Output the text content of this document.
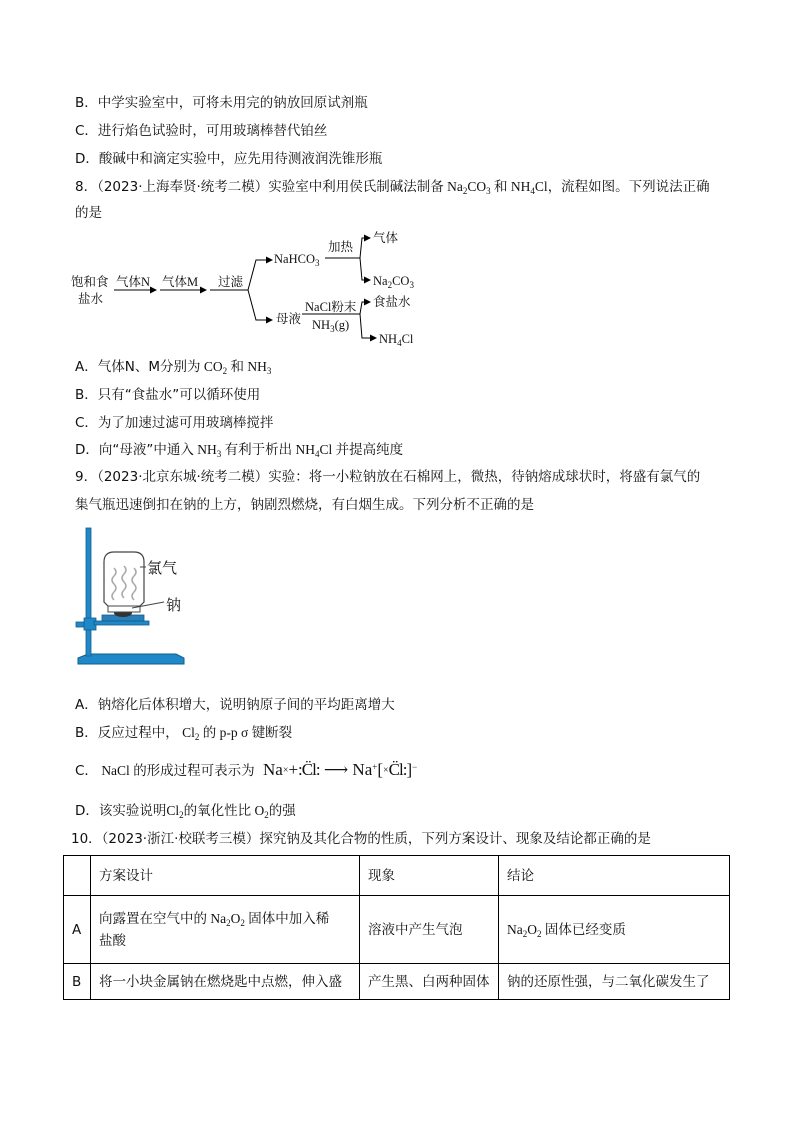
B．中学实验室中，可将未用完的钠放回原试剂瓶
C．进行焰色试验时，可用玻璃棒替代铂丝
D．酸碱中和滴定实验中，应先用待测液润洗锥形瓶
8．（2023·上海奉贤·统考二模）实验室中利用侯氏制碱法制备 $Na_2CO_3$ 和 $NH_4Cl$，流程如图。下列说法正确
的是
饱和食
盐水
气体N 气体M 过滤
NaHCO$_3$
加热
气体
$Na_2CO_3$
母液
NaCl粉末
$NH_3(g)$
食盐水
$NH_4Cl$
A．气体N、M分别为 $CO_2$ 和 $NH_3$
B．只有“食盐水”可以循环使用
C．为了加速过滤可用玻璃棒搅拌
D．向“母液”中通入 $NH_3$ 有利于析出 $NH_4Cl$ 并提高纯度
9．（2023·北京东城·统考二模）实验：将一小粒钠放在石棉网上，微热，待钠熔成球状时，将盛有氯气的
集气瓶迅速倒扣在钠的上方，钠剧烈燃烧，有白烟生成。下列分析不正确的是
氯气
钠
A．钠熔化后体积增大，说明钠原子间的平均距离增大
B．反应过程中， $Cl_2$ 的 p-p σ 键断裂
C． NaCl 的形成过程可表示为 Na×+:C̈l: ⟶ Na+[×C̈l:]−
D．该实验说明$Cl_2$的氧化性比 $O_2$的强
10．（2023·浙江·校联考三模）探究钠及其化合物的性质，下列方案设计、现象及结论都正确的是
	方案设计	现象	结论
A	向露置在空气中的 $Na_2O_2$ 固体中加入稀
盐酸	溶液中产生气泡	$Na_2O_2$ 固体已经变质
B	将一小块金属钠在燃烧匙中点燃，伸入盛	产生黑、白两种固体	钠的还原性强，与二氧化碳发生了
